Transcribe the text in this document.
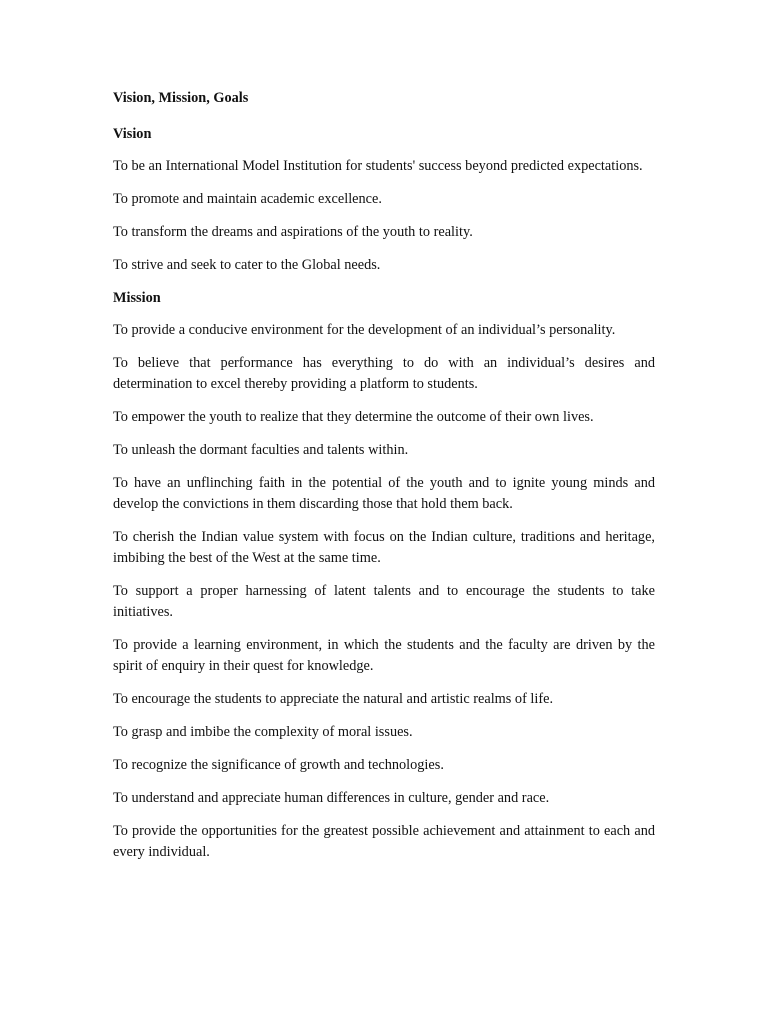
Vision, Mission, Goals
Vision

To be an International Model Institution for students' success beyond predicted expectations.

To promote and maintain academic excellence.

To transform the dreams and aspirations of the youth to reality.

To strive and seek to cater to the Global needs.

Mission

To provide a conducive environment for the development of an individual’s personality.

To believe that performance has everything to do with an individual’s desires and determination to excel thereby providing a platform to students.

To empower the youth to realize that they determine the outcome of their own lives.

To unleash the dormant faculties and talents within.

To have an unflinching faith in the potential of the youth and to ignite young minds and develop the convictions in them discarding those that hold them back.

To cherish the Indian value system with focus on the Indian culture, traditions and heritage, imbibing the best of the West at the same time.

To support a proper harnessing of latent talents and to encourage the students to take initiatives.

To provide a learning environment, in which the students and the faculty are driven by the spirit of enquiry in their quest for knowledge.

To encourage the students to appreciate the natural and artistic realms of life.

To grasp and imbibe the complexity of moral issues.

To recognize the significance of growth and technologies.

To understand and appreciate human differences in culture, gender and race.

To provide the opportunities for the greatest possible achievement and attainment to each and every individual.
